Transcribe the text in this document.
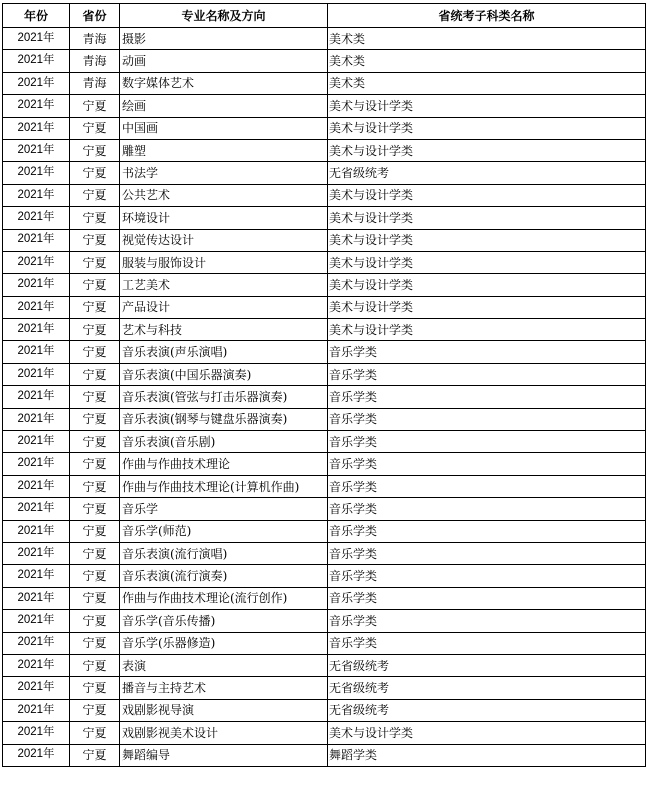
年份	省份	专业名称及方向	省统考子科类名称
2021年	青海	摄影	美术类
2021年	青海	动画	美术类
2021年	青海	数字媒体艺术	美术类
2021年	宁夏	绘画	美术与设计学类
2021年	宁夏	中国画	美术与设计学类
2021年	宁夏	雕塑	美术与设计学类
2021年	宁夏	书法学	无省级统考
2021年	宁夏	公共艺术	美术与设计学类
2021年	宁夏	环境设计	美术与设计学类
2021年	宁夏	视觉传达设计	美术与设计学类
2021年	宁夏	服装与服饰设计	美术与设计学类
2021年	宁夏	工艺美术	美术与设计学类
2021年	宁夏	产品设计	美术与设计学类
2021年	宁夏	艺术与科技	美术与设计学类
2021年	宁夏	音乐表演(声乐演唱)	音乐学类
2021年	宁夏	音乐表演(中国乐器演奏)	音乐学类
2021年	宁夏	音乐表演(管弦与打击乐器演奏)	音乐学类
2021年	宁夏	音乐表演(钢琴与键盘乐器演奏)	音乐学类
2021年	宁夏	音乐表演(音乐剧)	音乐学类
2021年	宁夏	作曲与作曲技术理论	音乐学类
2021年	宁夏	作曲与作曲技术理论(计算机作曲)	音乐学类
2021年	宁夏	音乐学	音乐学类
2021年	宁夏	音乐学(师范)	音乐学类
2021年	宁夏	音乐表演(流行演唱)	音乐学类
2021年	宁夏	音乐表演(流行演奏)	音乐学类
2021年	宁夏	作曲与作曲技术理论(流行创作)	音乐学类
2021年	宁夏	音乐学(音乐传播)	音乐学类
2021年	宁夏	音乐学(乐器修造)	音乐学类
2021年	宁夏	表演	无省级统考
2021年	宁夏	播音与主持艺术	无省级统考
2021年	宁夏	戏剧影视导演	无省级统考
2021年	宁夏	戏剧影视美术设计	美术与设计学类
2021年	宁夏	舞蹈编导	舞蹈学类
